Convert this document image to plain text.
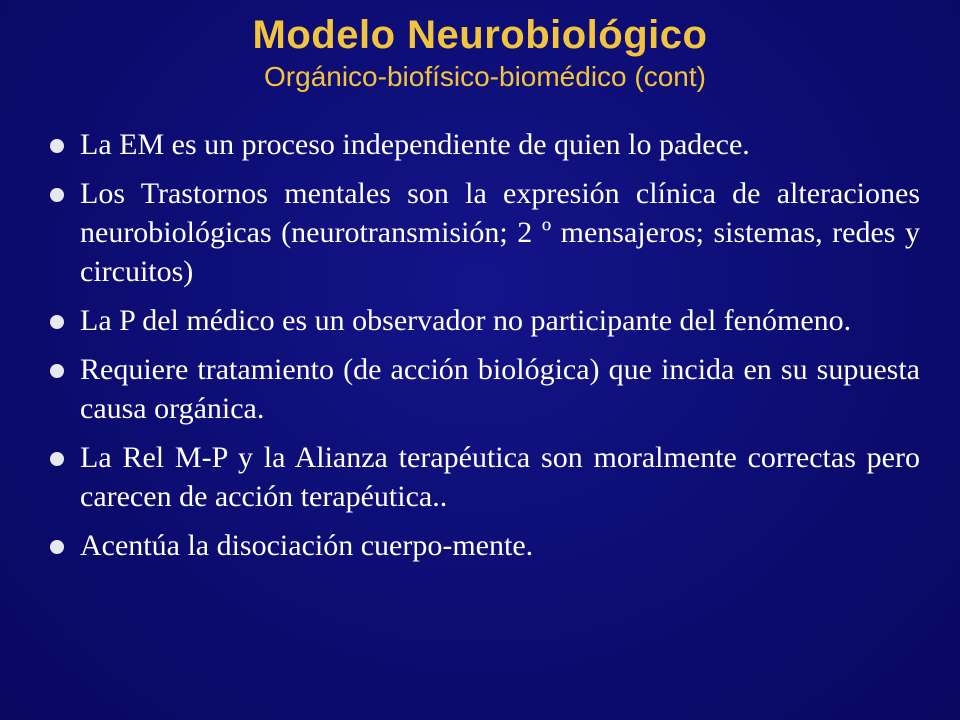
Modelo Neurobiológico
Orgánico-biofísico-biomédico (cont)
La EM es un proceso independiente de quien lo padece.
Los Trastornos mentales son la expresión clínica de alteraciones neurobiológicas (neurotransmisión; 2 º mensajeros; sistemas, redes y circuitos)
La P del médico es un observador no participante del fenómeno.
Requiere tratamiento (de acción biológica) que incida en su supuesta causa orgánica.
La Rel M-P y la Alianza terapéutica son moralmente correctas pero carecen de acción terapéutica..
Acentúa la disociación cuerpo-mente.
